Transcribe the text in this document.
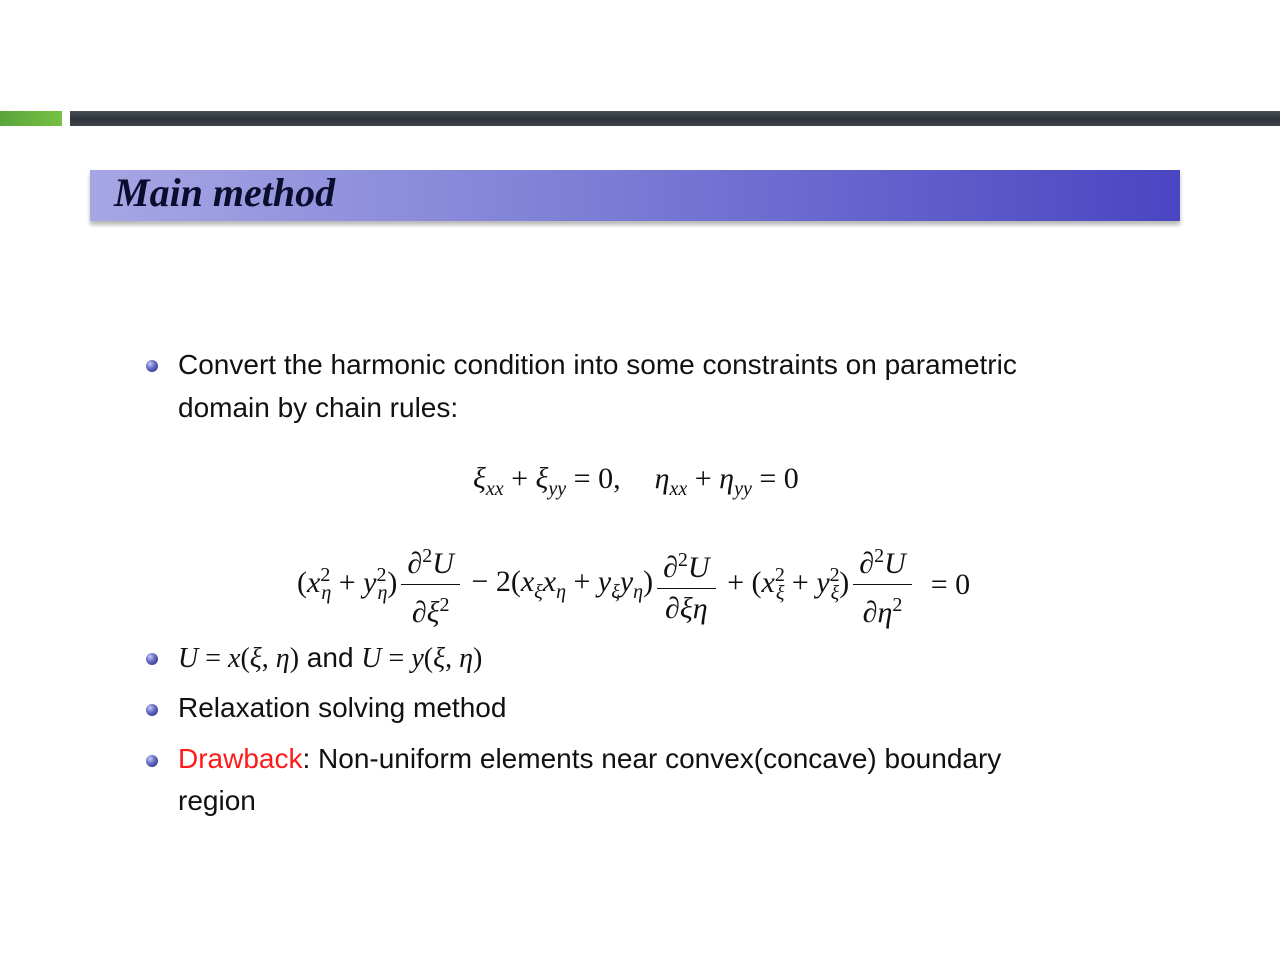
Main method
Convert the harmonic condition into some constraints on parametric
domain by chain rules:
$\xi_{xx} + \xi_{yy} = 0$, $\eta_{xx} + \eta_{yy} = 0$
$(x^2_\eta + y^2_\eta) \frac{\partial^2U}{\partial\xi^2} - 2(x_\xi x_\eta + y_\xi y_\eta) \frac{\partial^2U}{\partial\xi\eta} + (x^2_\xi + y^2_\xi) \frac{\partial^2U}{\partial\eta^2} = 0$
U = x(ξ, η) and U = y(ξ, η)
Relaxation solving method
Drawback: Non-uniform elements near convex(concave) boundary
region
